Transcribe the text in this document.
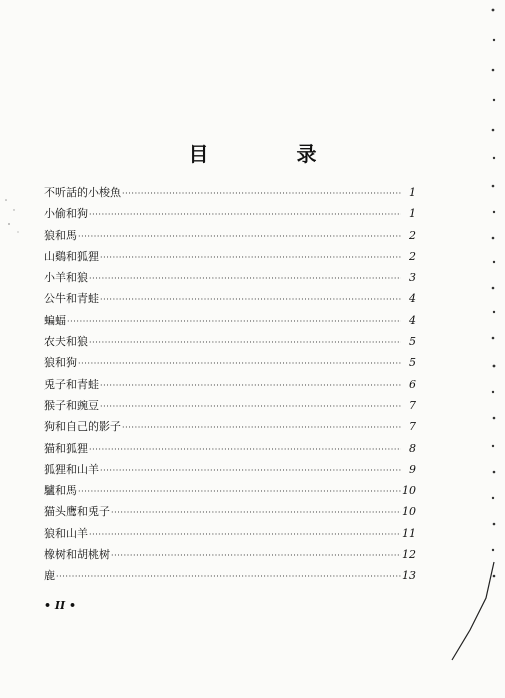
目　录
不听話的小梭魚 ·····	1
小偷和狗 ·····	1
狼和馬 ·····	2
山鷄和狐狸 ·····	2
小羊和狼 ·····	3
公牛和青蛙 ·····	4
蝙蝠 ·····	4
农夫和狼 ·····	5
狼和狗 ·····	5
兎子和青蛙 ·····	6
猴子和豌豆 ·····	7
狗和自己的影子 ·····	7
猫和狐狸 ·····	8
狐狸和山羊 ·····	9
驢和馬 ·····	10
猫头鹰和兎子 ·····	10
狼和山羊 ·····	11
橡树和胡桃树 ·····	12
鹿 ·····	13
• II •
